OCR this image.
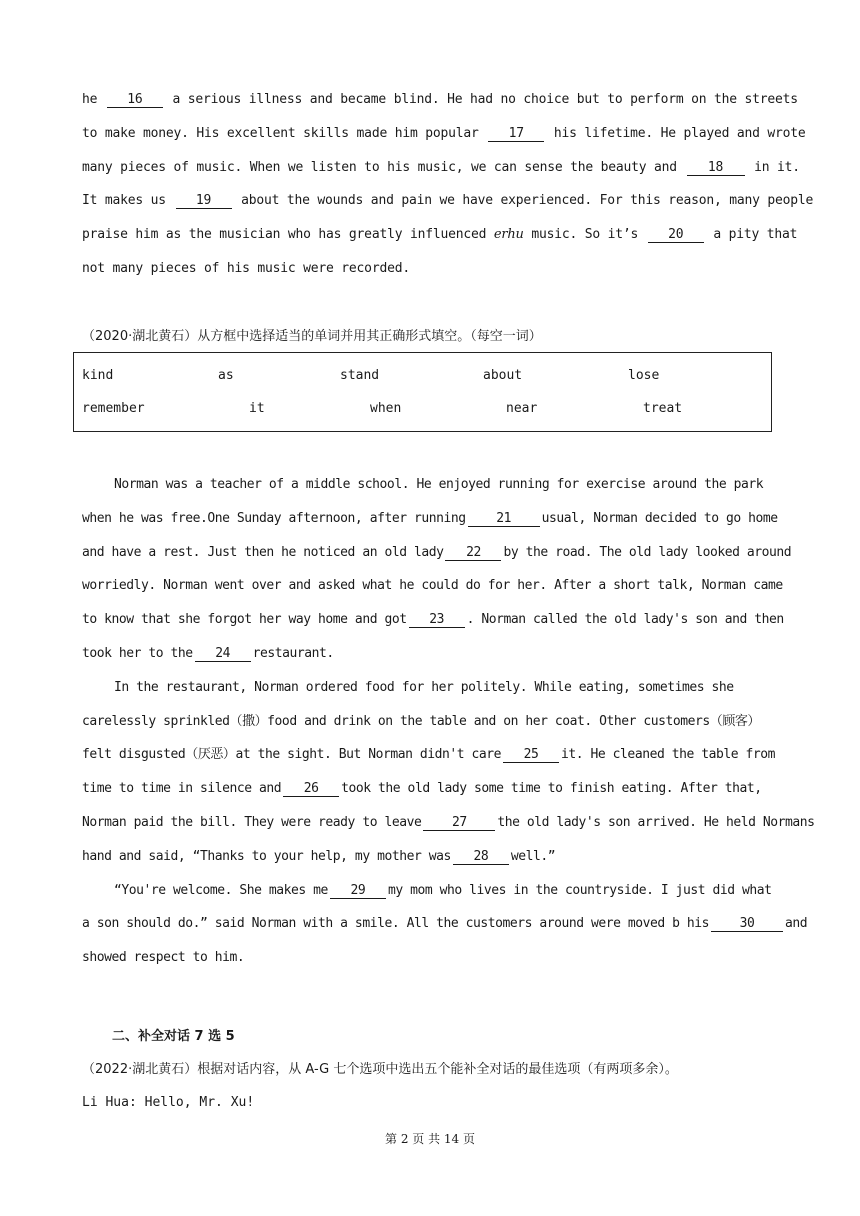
he 16 a serious illness and became blind. He had no choice but to perform on the streets
to make money. His excellent skills made him popular 17 his lifetime. He played and wrote
many pieces of music. When we listen to his music, we can sense the beauty and 18 in it.
It makes us 19 about the wounds and pain we have experienced. For this reason, many people
praise him as the musician who has greatly influenced erhu music. So it’s 20 a pity that
not many pieces of his music were recorded.
（2020·湖北黄石）从方框中选择适当的单词并用其正确形式填空。（每空一词）
kind	as	stand	about	lose
remember	it	when	near	treat
Norman was a teacher of a middle school. He enjoyed running for exercise around the park
when he was free.One Sunday afternoon, after running 21 usual, Norman decided to go home
and have a rest. Just then he noticed an old lady 22 by the road. The old lady looked around
worriedly. Norman went over and asked what he could do for her. After a short talk, Norman came
to know that she forgot her way home and got 23 . Norman called the old lady's son and then
took her to the 24 restaurant.
In the restaurant, Norman ordered food for her politely. While eating, sometimes she
carelessly sprinkled（撒）food and drink on the table and on her coat. Other customers（顾客）
felt disgusted（厌恶）at the sight. But Norman didn't care 25 it. He cleaned the table from
time to time in silence and 26 took the old lady some time to finish eating. After that,
Norman paid the bill. They were ready to leave 27 the old lady's son arrived. He held Normans
hand and said, “Thanks to your help, my mother was 28 well.”
“You're welcome. She makes me 29 my mom who lives in the countryside. I just did what
a son should do.” said Norman with a smile. All the customers around were moved b his 30 and
showed respect to him.
二、补全对话 7 选 5
（2022·湖北黄石）根据对话内容，从 A-G 七个选项中选出五个能补全对话的最佳选项（有两项多余）。
Li Hua: Hello, Mr. Xu!
第 2 页 共 14 页
